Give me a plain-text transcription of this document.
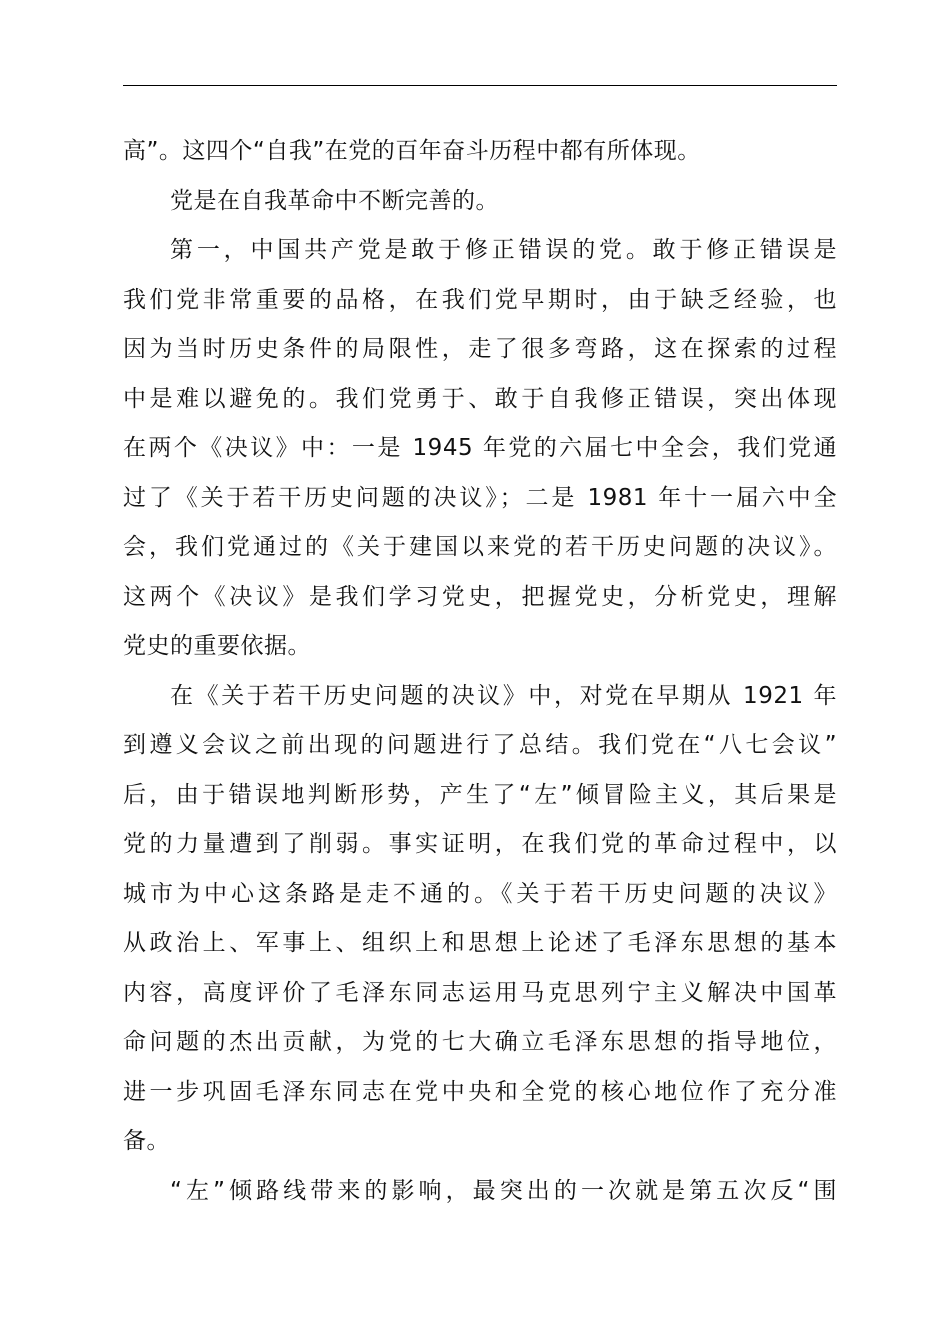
高”。这四个“自我”在党的百年奋斗历程中都有所体现。
党是在自我革命中不断完善的。
第一，中国共产党是敢于修正错误的党。敢于修正错误是
我们党非常重要的品格，在我们党早期时，由于缺乏经验，也
因为当时历史条件的局限性，走了很多弯路，这在探索的过程
中是难以避免的。我们党勇于、敢于自我修正错误，突出体现
在两个《决议》中：一是 1945 年党的六届七中全会，我们党通
过了《关于若干历史问题的决议》；二是 1981 年十一届六中全
会，我们党通过的《关于建国以来党的若干历史问题的决议》。
这两个《决议》是我们学习党史，把握党史，分析党史，理解
党史的重要依据。
在《关于若干历史问题的决议》中，对党在早期从 1921 年
到遵义会议之前出现的问题进行了总结。我们党在“八七会议”
后，由于错误地判断形势，产生了“左”倾冒险主义，其后果是
党的力量遭到了削弱。事实证明，在我们党的革命过程中，以
城市为中心这条路是走不通的。《关于若干历史问题的决议》
从政治上、军事上、组织上和思想上论述了毛泽东思想的基本
内容，高度评价了毛泽东同志运用马克思列宁主义解决中国革
命问题的杰出贡献，为党的七大确立毛泽东思想的指导地位，
进一步巩固毛泽东同志在党中央和全党的核心地位作了充分准
备。
“左”倾路线带来的影响，最突出的一次就是第五次反“围
